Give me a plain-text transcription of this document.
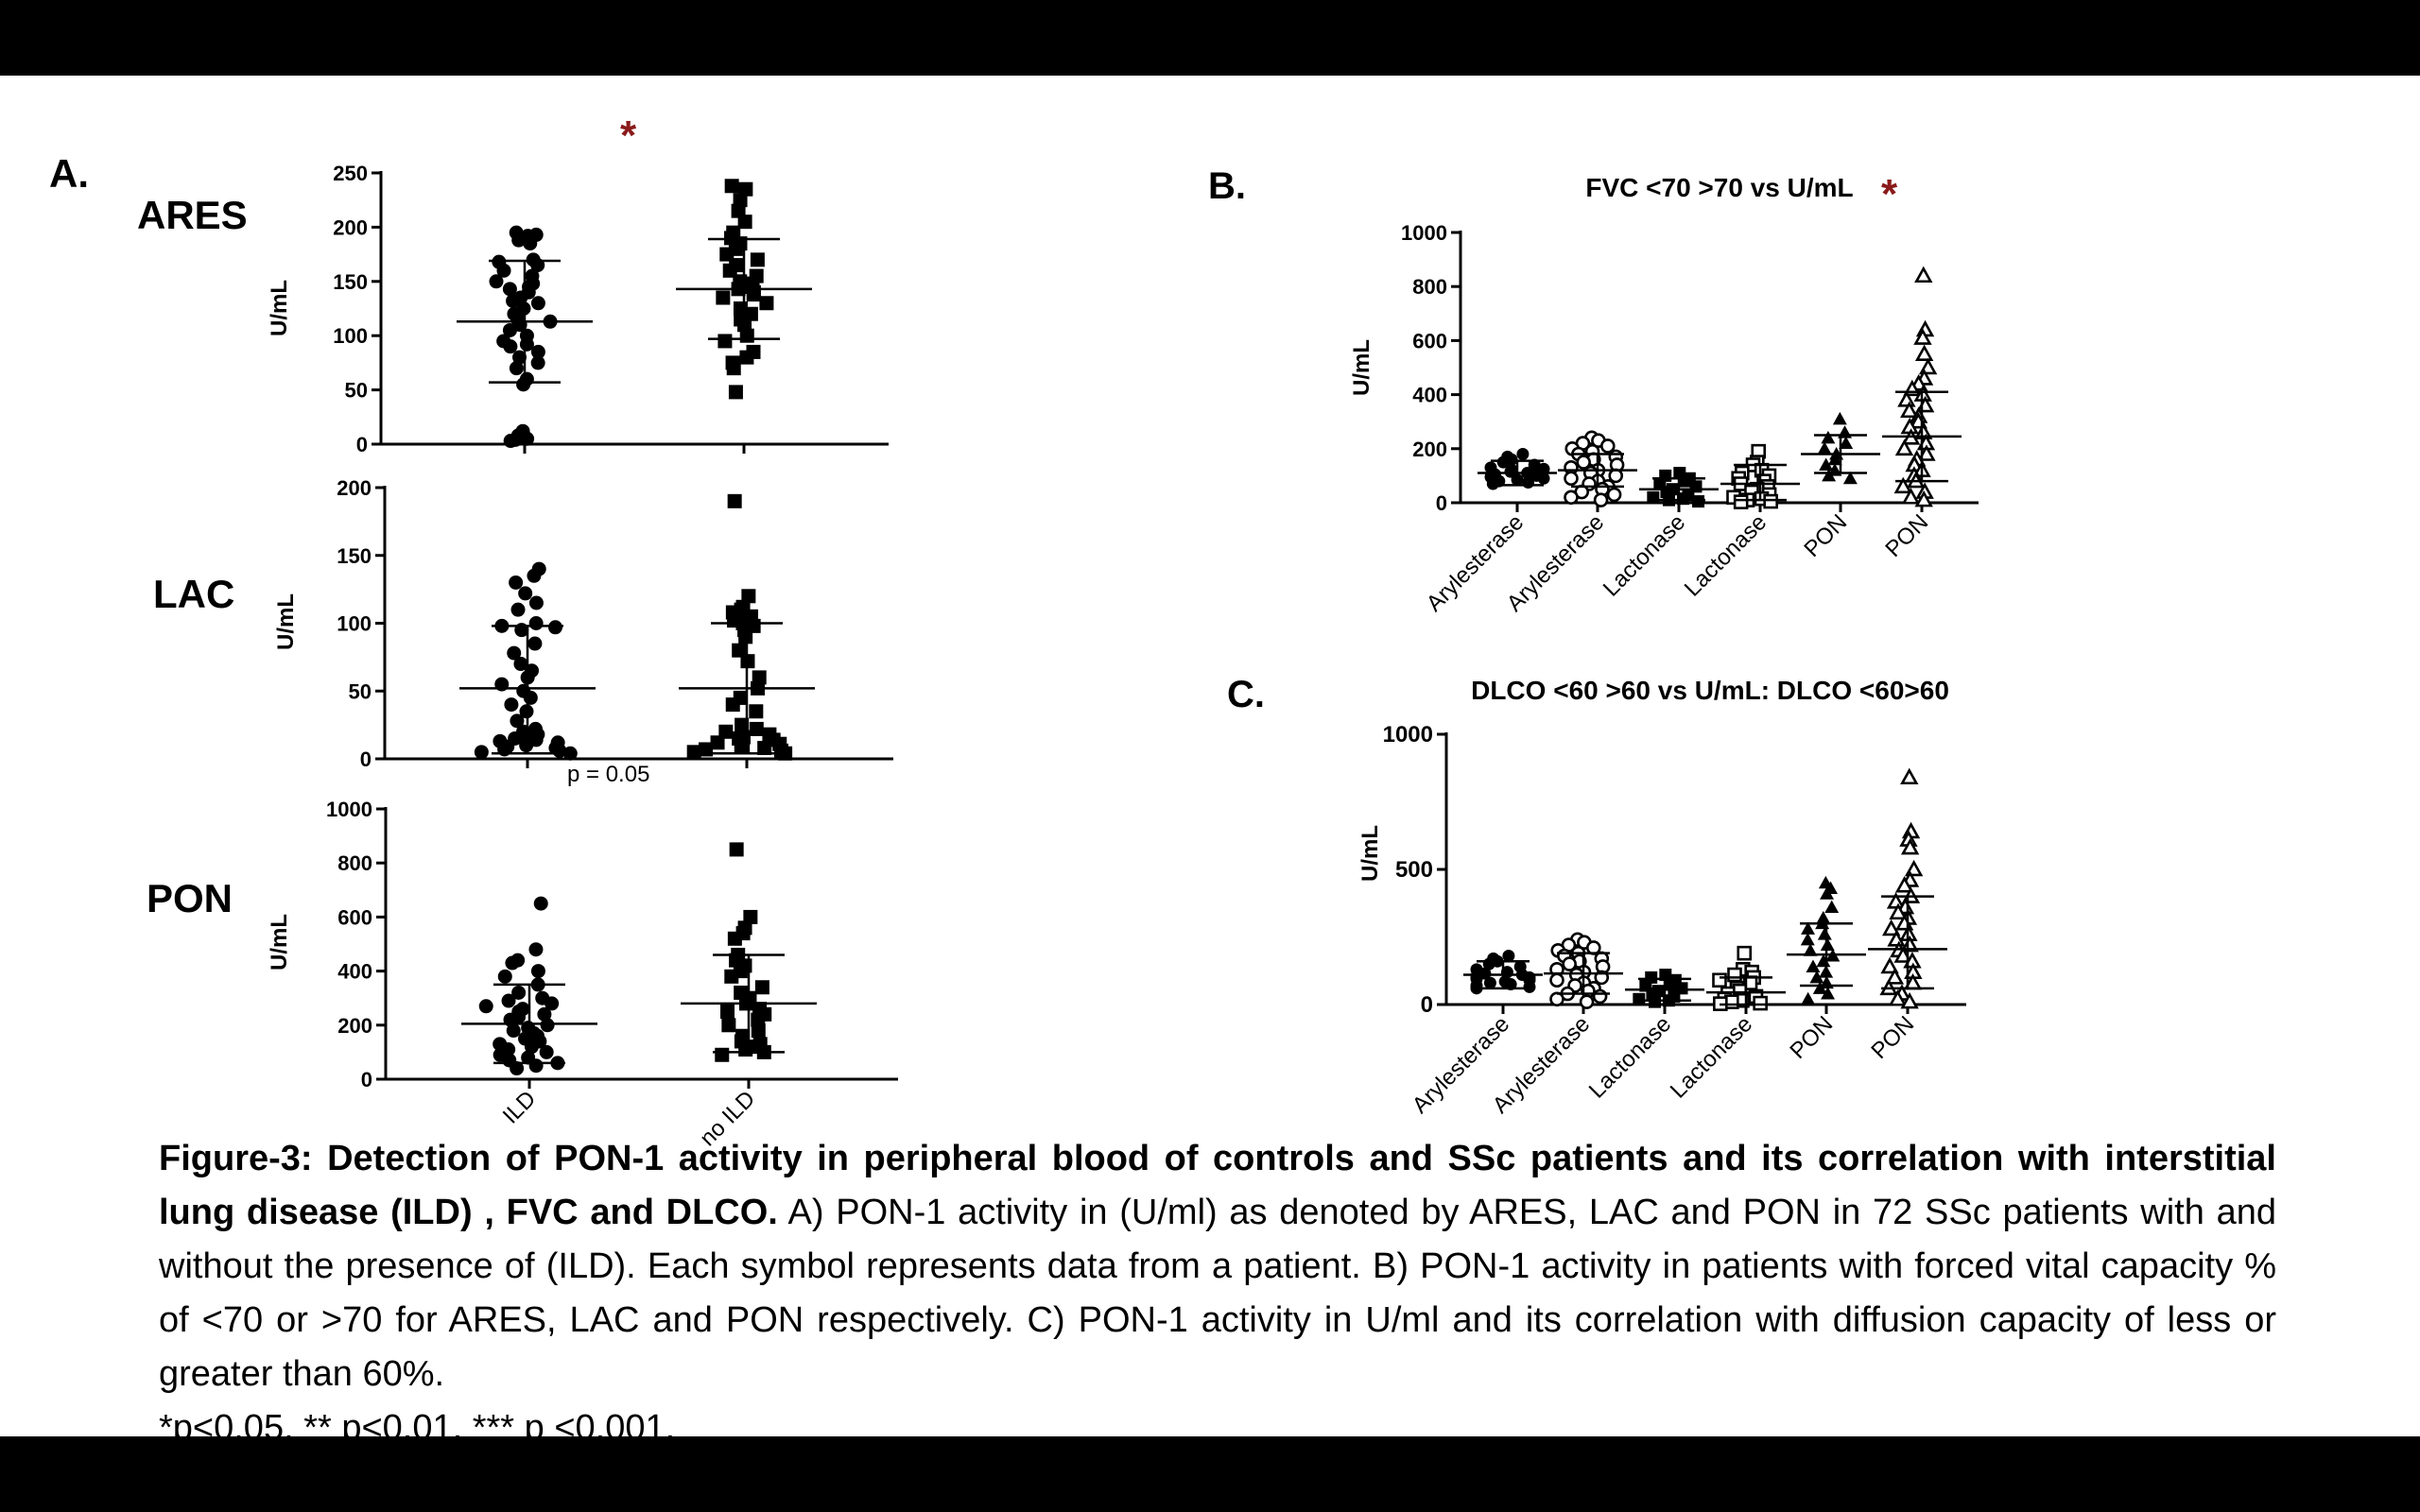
A.	B.
C.
ARES
LAC
PON
*
p = 0.05
*
0
50
100
150
200
250
U/mL
0
50
100
150
200
U/mL
0
200
400
600
800
1000
U/mL
ILD	no ILD
0
200
400
600
800
1000
U/mL
FVC <70 >70 vs U/mL
Arylesterase
Arylesterase
Lactonase
Lactonase PON PON
0
500
1000
U/mL
DLCO <60 >60 vs U/mL: DLCO <60>60
Arylesterase
Arylesterase
Lactonase
Lactonase PON PON

Figure-3: Detection of PON-1 activity in peripheral blood of controls and SSc patients and its correlation with interstitial lung disease (ILD) , FVC and DLCO. A) PON-1 activity in (U/ml) as denoted by ARES, LAC and PON in 72 SSc patients with and without the presence of (ILD). Each symbol represents data from a patient. B) PON-1 activity in patients with forced vital capacity % of <70 or >70 for ARES, LAC and PON respectively. C) PON-1 activity in U/ml and its correlation with diffusion capacity of less or greater than 60%.

*p<0.05, ** p<0.01, *** p <0.001.
